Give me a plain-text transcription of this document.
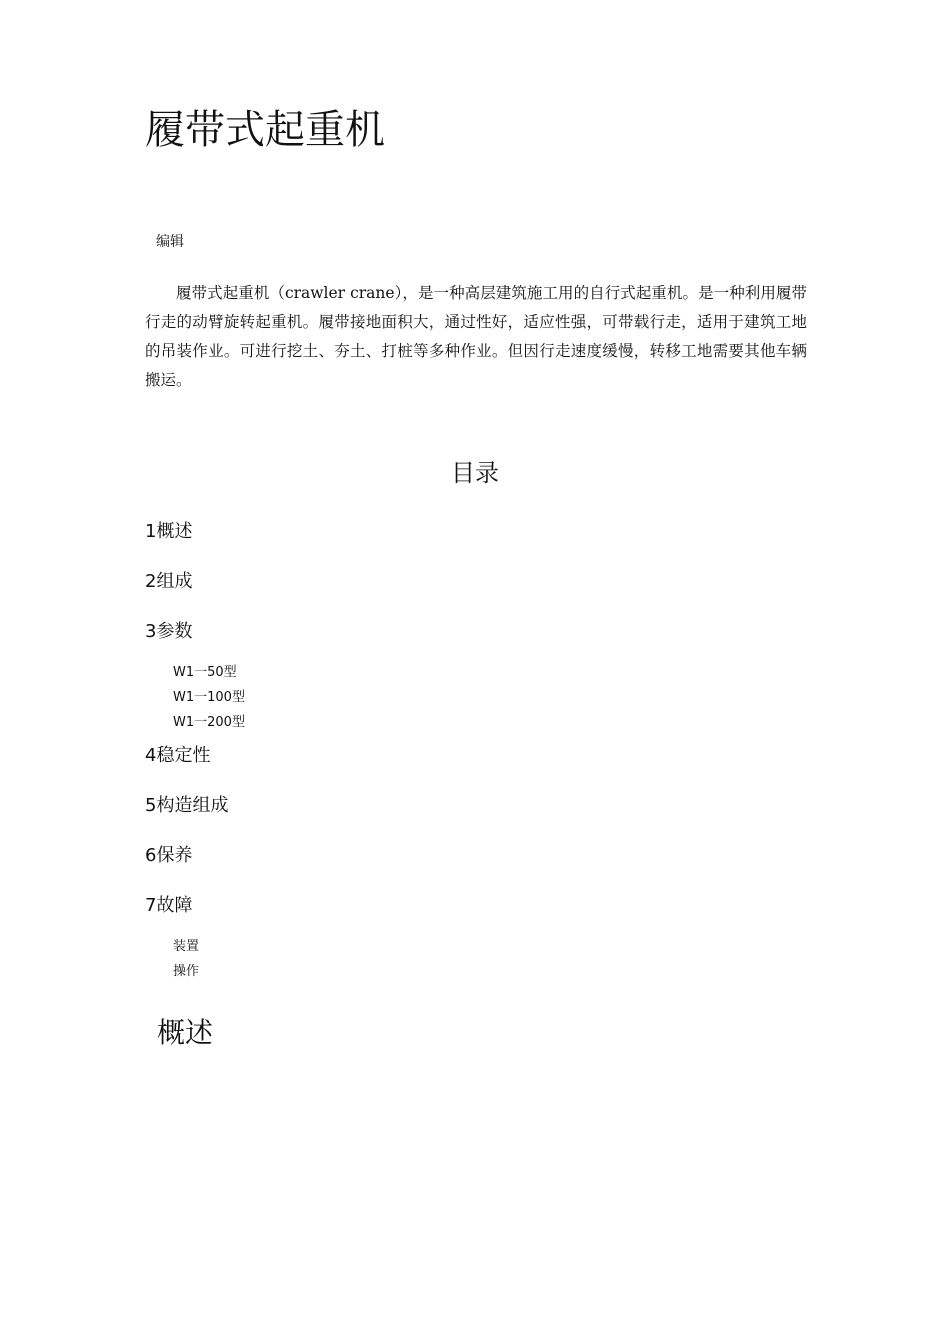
履带式起重机
编辑

履带式起重机（crawler crane），是一种高层建筑施工用的自行式起重机。是一种利用履带行走的动臂旋转起重机。履带接地面积大，通过性好，适应性强，可带载行走，适用于建筑工地的吊装作业。可进行挖土、夯土、打桩等多种作业。但因行走速度缓慢，转移工地需要其他车辆搬运。

目录
1概述
2组成
3参数
W1一50型
W1一100型
W1一200型
4稳定性
5构造组成
6保养
7故障
装置
操作
概述
